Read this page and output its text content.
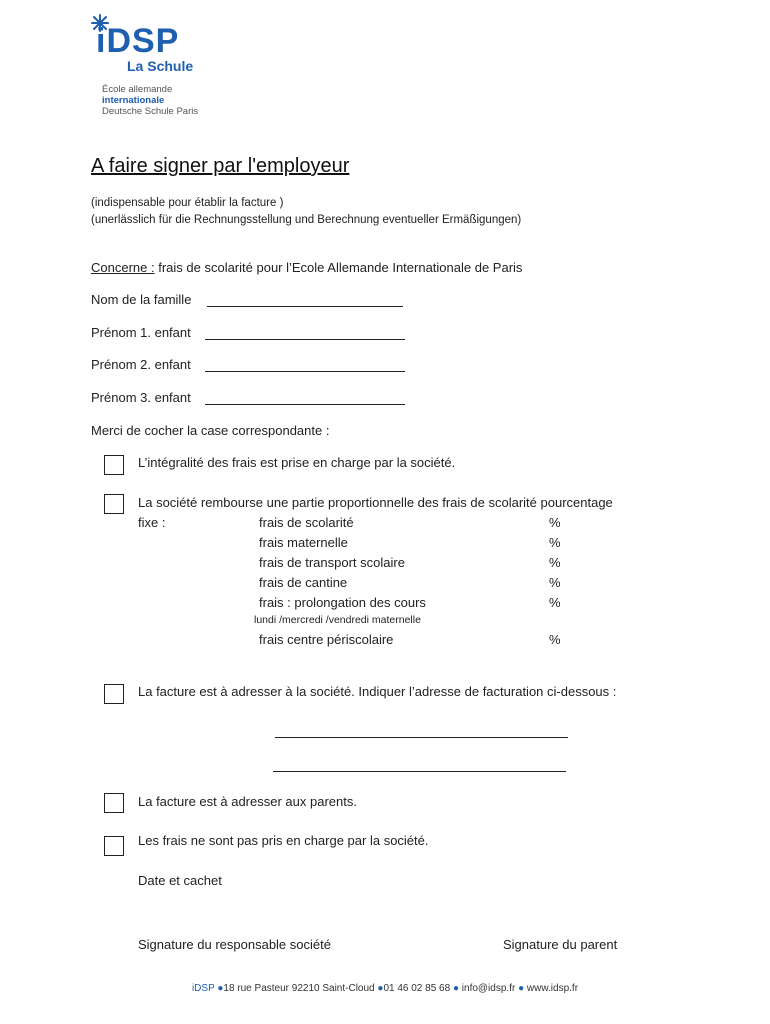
iDSP
La Schule
École allemande
internationale
Deutsche Schule Paris
A faire signer par l'employeur
(indispensable pour établir la facture )
(unerlässlich für die Rechnungsstellung und Berechnung eventueller Ermäßigungen)
Concerne : frais de scolarité pour l’Ecole Allemande Internationale de Paris
Nom de la famille
Prénom 1. enfant
Prénom 2. enfant
Prénom 3. enfant
Merci de cocher la case correspondante :
L’intégralité des frais est prise en charge par la société.
La société rembourse une partie proportionnelle des frais de scolarité pourcentage
fixe :	frais de scolarité	%
frais maternelle	%
frais de transport scolaire	%
frais de cantine	%
frais : prolongation des cours	%
lundi /mercredi /vendredi maternelle
frais centre périscolaire	%
La facture est à adresser à la société. Indiquer l’adresse de facturation ci-dessous :
La facture est à adresser aux parents.
Les frais ne sont pas pris en charge par la société.
Date et cachet
Signature du responsable société	Signature du parent
iDSP ●18 rue Pasteur 92210 Saint-Cloud ●01 46 02 85 68 ● info@idsp.fr ● www.idsp.fr
